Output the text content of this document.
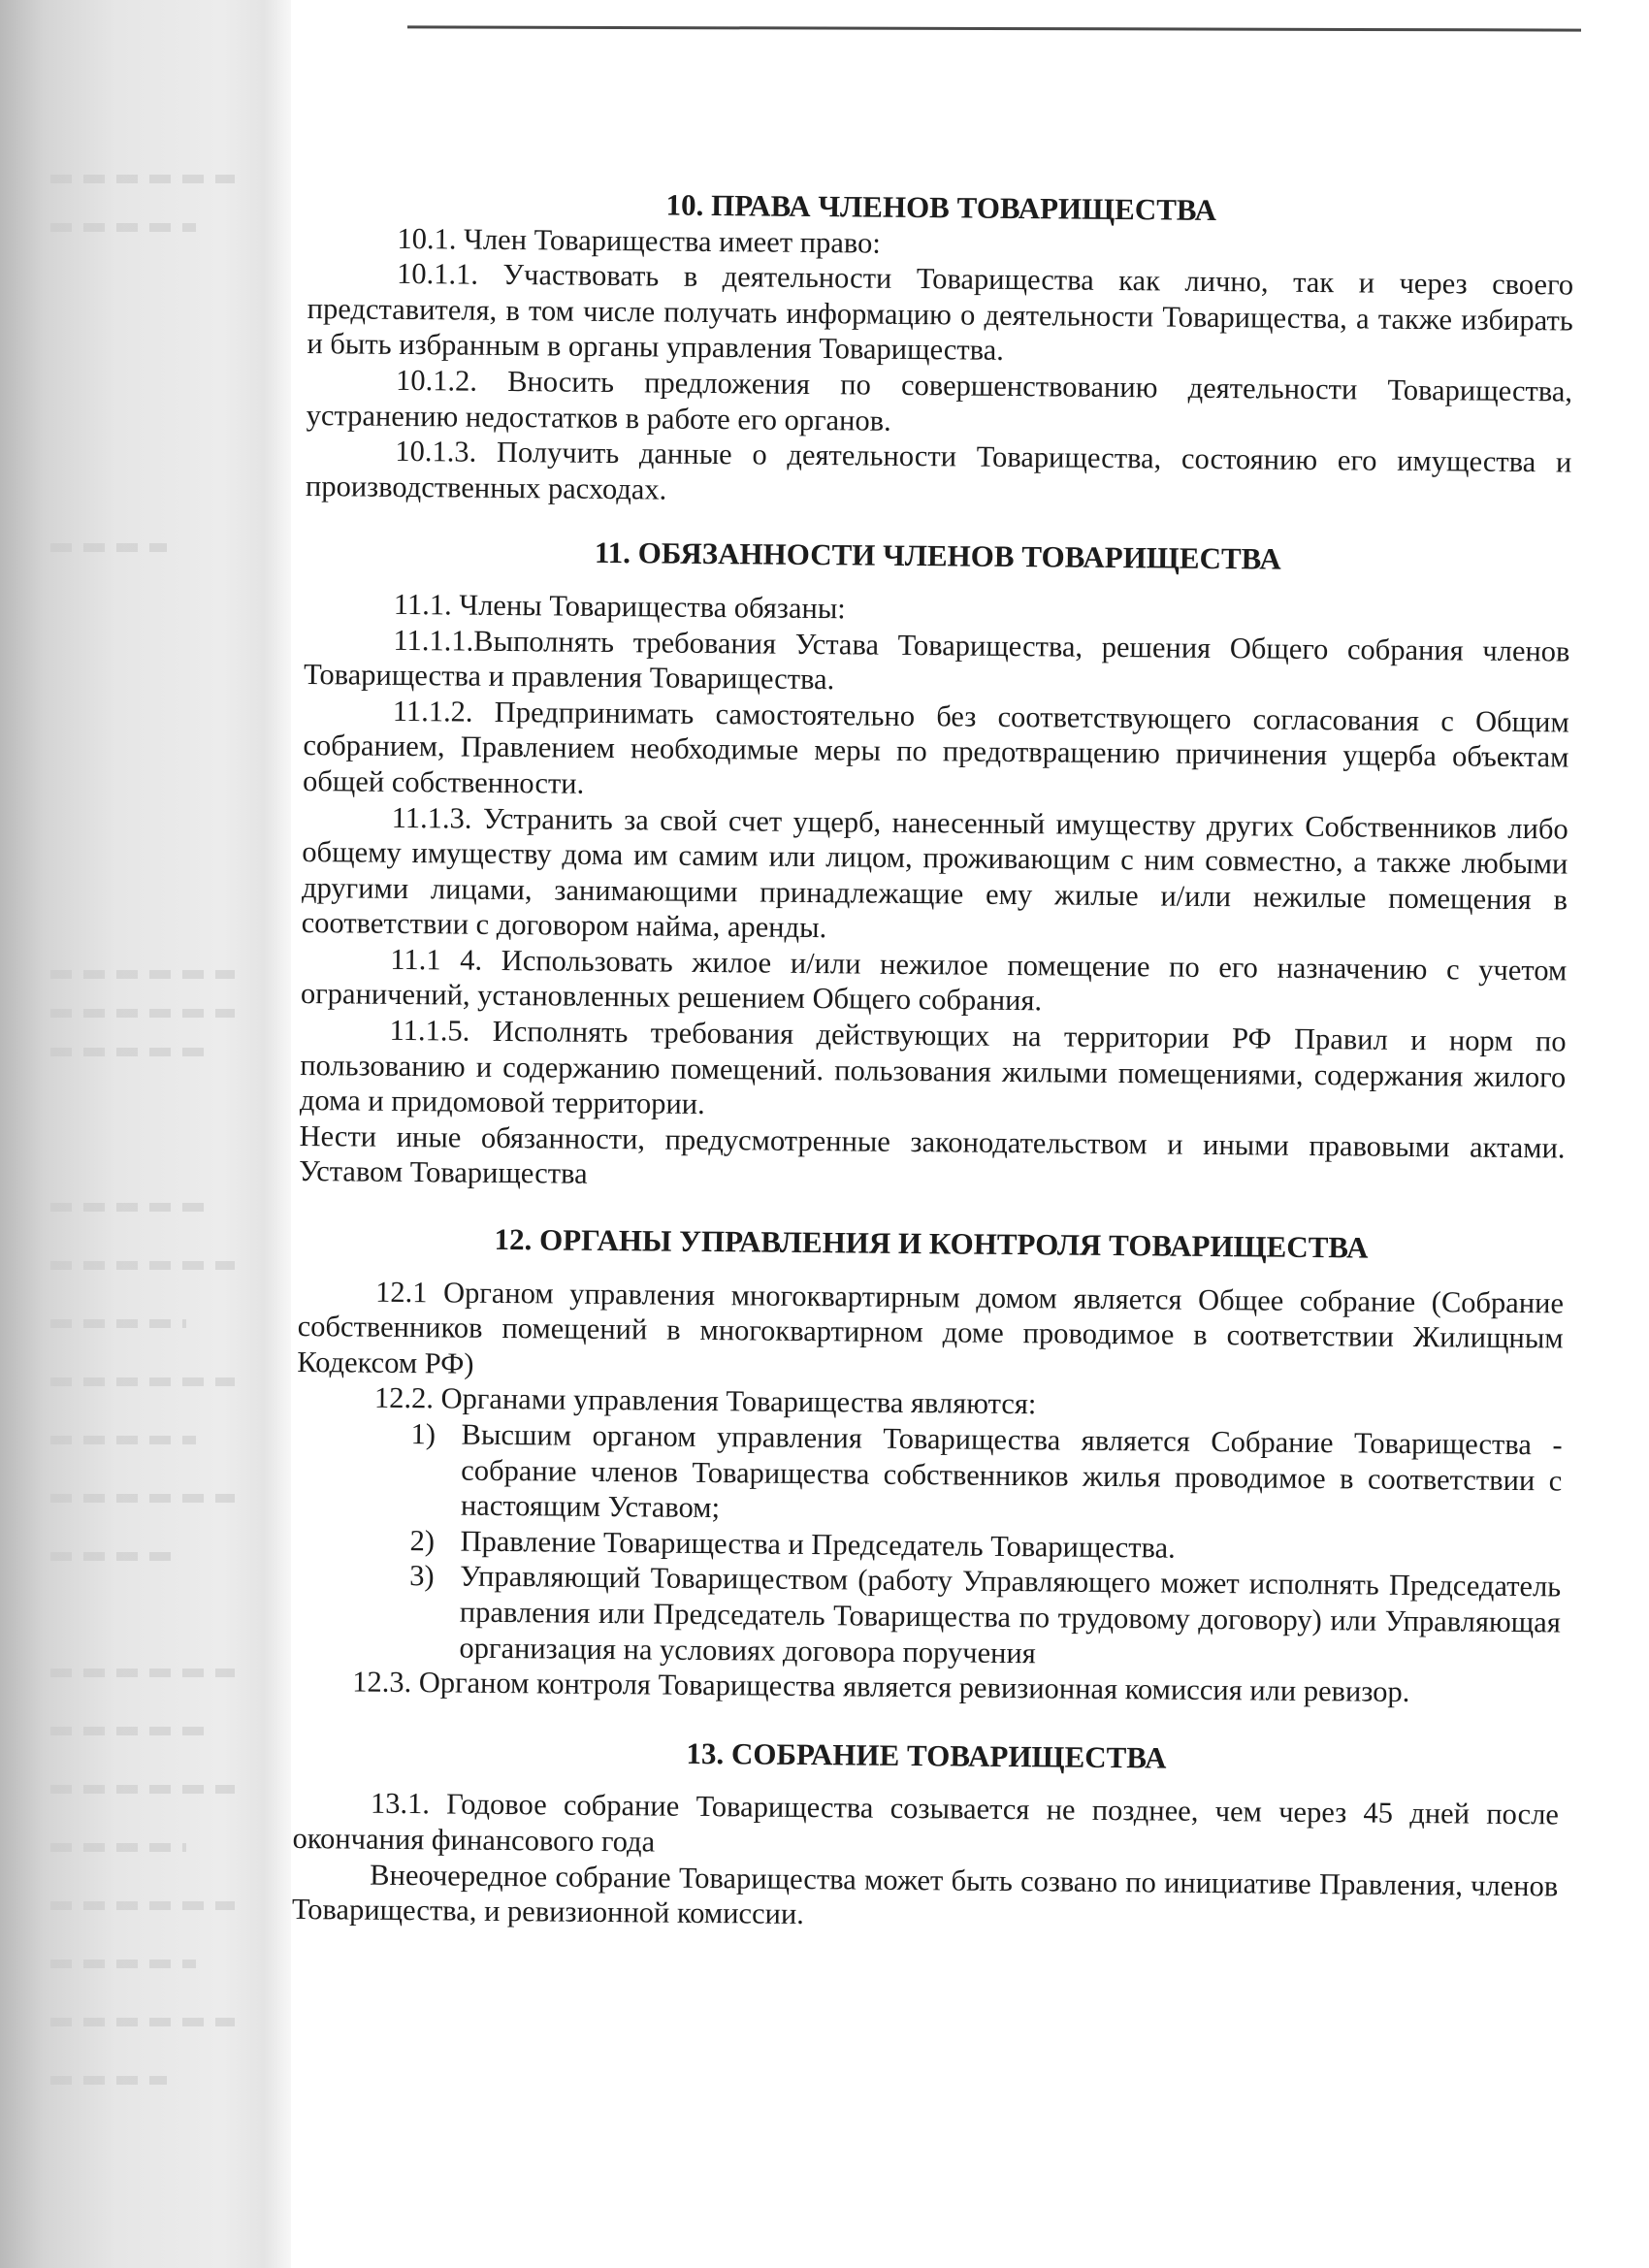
10. ПРАВА ЧЛЕНОВ ТОВАРИЩЕСТВА

10.1. Член Товарищества имеет право:

10.1.1. Участвовать в деятельности Товарищества как лично, так и через своего представителя, в том числе получать информацию о деятельности Товарищества, а также избирать и быть избранным в органы управления Товарищества.

10.1.2. Вносить предложения по совершенствованию деятельности Товарищества, устранению недостатков в работе его органов.

10.1.3. Получить данные о деятельности Товарищества, состоянию его имущества и производственных расходах.

11. ОБЯЗАННОСТИ ЧЛЕНОВ ТОВАРИЩЕСТВА

11.1. Члены Товарищества обязаны:

11.1.1.Выполнять требования Устава Товарищества, решения Общего собрания членов Товарищества и правления Товарищества.

11.1.2. Предпринимать самостоятельно без соответствующего согласования с Общим собранием, Правлением необходимые меры по предотвращению причинения ущерба объектам общей собственности.

11.1.3. Устранить за свой счет ущерб, нанесенный имуществу других Собственников либо общему имуществу дома им самим или лицом, проживающим с ним совместно, а также любыми другими лицами, занимающими принадлежащие ему жилые и/или нежилые помещения в соответствии с договором найма, аренды.

11.1 4. Использовать жилое и/или нежилое помещение по его назначению с учетом ограничений, установленных решением Общего собрания.

11.1.5. Исполнять требования действующих на территории РФ Правил и норм по пользованию и содержанию помещений. пользования жилыми помещениями, содержания жилого дома и придомовой территории.

Нести иные обязанности, предусмотренные законодательством и иными правовыми актами. Уставом Товарищества

12. ОРГАНЫ УПРАВЛЕНИЯ И КОНТРОЛЯ ТОВАРИЩЕСТВА

12.1 Органом управления многоквартирным домом является Общее собрание (Собрание собственников помещений в многоквартирном доме проводимое в соответствии Жилищным Кодексом РФ)

12.2. Органами управления Товарищества являются:

1) Высшим органом управления Товарищества является Собрание Товарищества - собрание членов Товарищества собственников жилья проводимое в соответствии с настоящим Уставом;
2) Правление Товарищества и Председатель Товарищества.
3) Управляющий Товариществом (работу Управляющего может исполнять Председатель правления или Председатель Товарищества по трудовому договору) или Управляющая организация на условиях договора поручения

12.3. Органом контроля Товарищества является ревизионная комиссия или ревизор.

13. СОБРАНИЕ ТОВАРИЩЕСТВА

13.1. Годовое собрание Товарищества созывается не позднее, чем через 45 дней после окончания финансового года

Внеочередное собрание Товарищества может быть созвано по инициативе Правления, членов Товарищества, и ревизионной комиссии.
